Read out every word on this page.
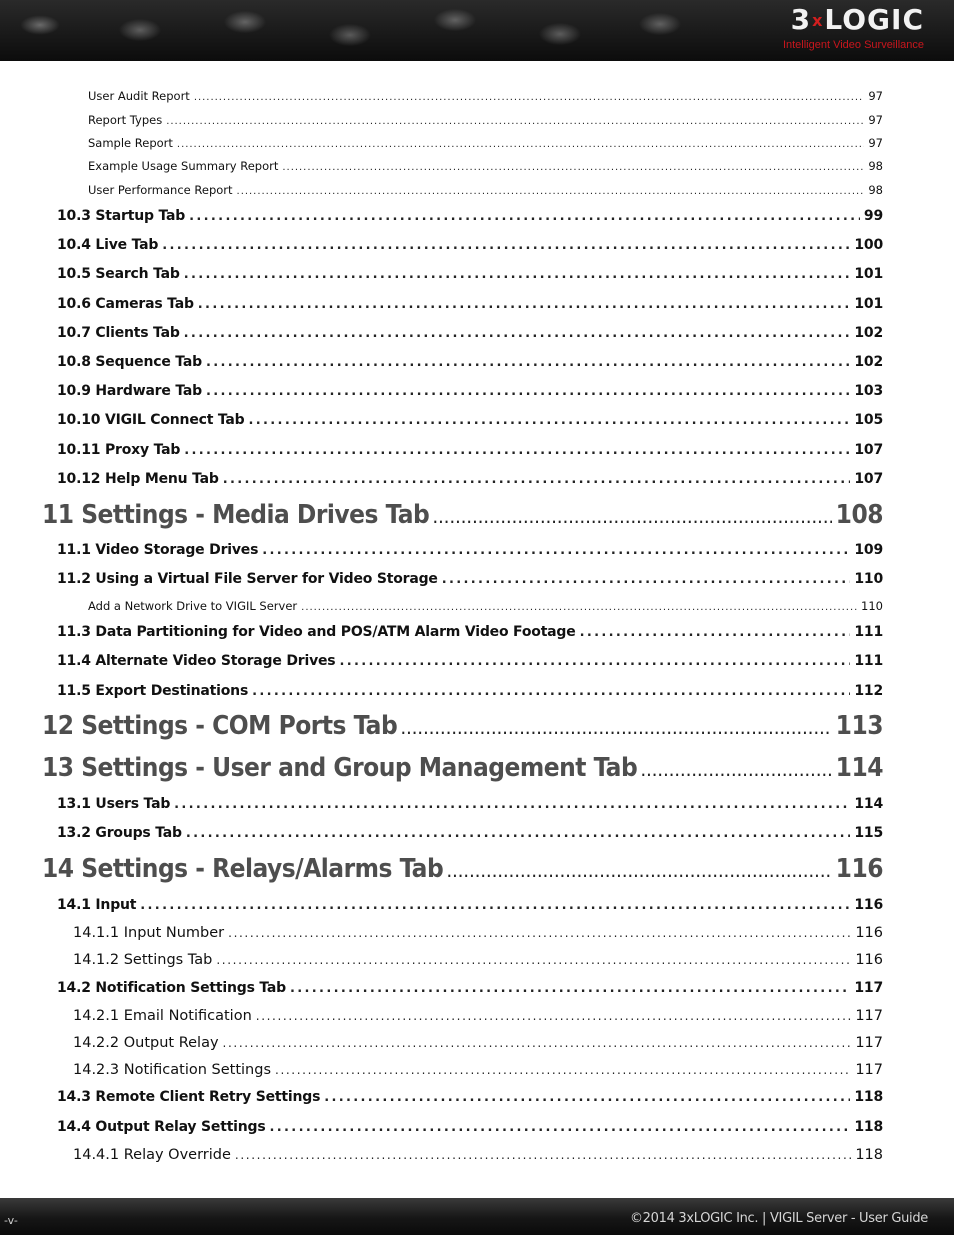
3xLOGIC
Intelligent Video Surveillance
User Audit Report . . .	97
Report Types . . .	97
Sample Report . . .	97
Example Usage Summary Report . . .	98
User Performance Report . . .	98
10.3 Startup Tab . . .	99
10.4 Live Tab . . .	100
10.5 Search Tab . . .	101
10.6 Cameras Tab . . .	101
10.7 Clients Tab . . .	102
10.8 Sequence Tab . . .	102
10.9 Hardware Tab . . .	103
10.10 VIGIL Connect Tab . . .	105
10.11 Proxy Tab . . .	107
10.12 Help Menu Tab . . .	107
11 Settings - Media Drives Tab . . .	108
11.1 Video Storage Drives . . .	109
11.2 Using a Virtual File Server for Video Storage . . .	110
Add a Network Drive to VIGIL Server . . .	110
11.3 Data Partitioning for Video and POS/ATM Alarm Video Footage . . .	111
11.4 Alternate Video Storage Drives . . .	111
11.5 Export Destinations . . .	112
12 Settings - COM Ports Tab . . .	113
13 Settings - User and Group Management Tab . . .	114
13.1 Users Tab . . .	114
13.2 Groups Tab . . .	115
14 Settings - Relays/Alarms Tab . . .	116
14.1 Input . . .	116
14.1.1 Input Number . . .	116
14.1.2 Settings Tab . . .	116
14.2 Notification Settings Tab . . .	117
14.2.1 Email Notification . . .	117
14.2.2 Output Relay . . .	117
14.2.3 Notification Settings . . .	117
14.3 Remote Client Retry Settings . . .	118
14.4 Output Relay Settings . . .	118
14.4.1 Relay Override . . .	118
-v-	©2014 3xLOGIC Inc. | VIGIL Server - User Guide
